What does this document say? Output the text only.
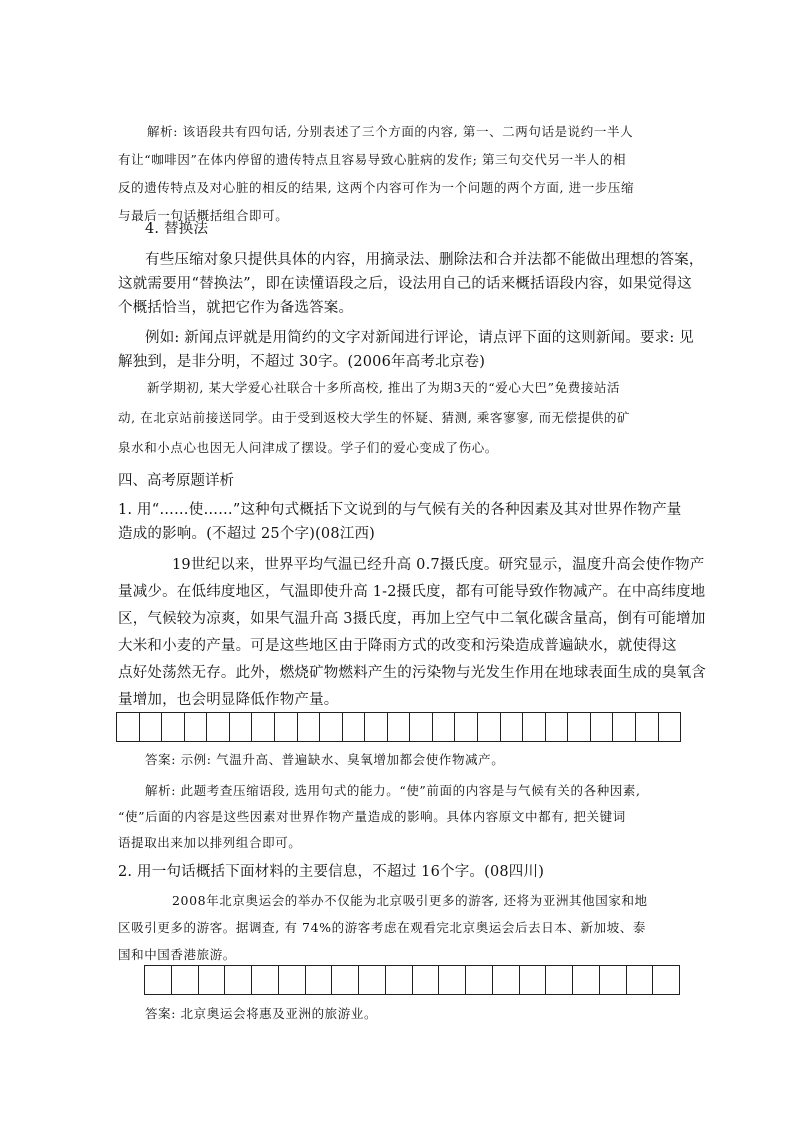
解析: 该语段共有四句话, 分别表述了三个方面的内容, 第一、二两句话是说约一半人

有让“咖啡因”在体内停留的遗传特点且容易导致心脏病的发作; 第三句交代另一半人的相

反的遗传特点及对心脏的相反的结果, 这两个内容可作为一个问题的两个方面, 进一步压缩

与最后一句话概括组合即可。

4. 替换法

有些压缩对象只提供具体的内容，用摘录法、删除法和合并法都不能做出理想的答案，

这就需要用“替换法”，即在读懂语段之后，设法用自己的话来概括语段内容，如果觉得这

个概括恰当，就把它作为备选答案。

例如: 新闻点评就是用简约的文字对新闻进行评论，请点评下面的这则新闻。要求: 见

解独到，是非分明，不超过 30字。(2006年高考北京卷)

新学期初, 某大学爱心社联合十多所高校, 推出了为期3天的“爱心大巴”免费接站活

动, 在北京站前接送同学。由于受到返校大学生的怀疑、猜测, 乘客寥寥, 而无偿提供的矿

泉水和小点心也因无人问津成了摆设。学子们的爱心变成了伤心。

四、高考原题详析

1. 用“……使……”这种句式概括下文说到的与气候有关的各种因素及其对世界作物产量

造成的影响。(不超过 25个字)(08江西)

19世纪以来，世界平均气温已经升高 0.7摄氏度。研究显示，温度升高会使作物产

量减少。在低纬度地区，气温即使升高 1-2摄氏度，都有可能导致作物减产。在中高纬度地

区，气候较为凉爽，如果气温升高 3摄氏度，再加上空气中二氧化碳含量高，倒有可能增加

大米和小麦的产量。可是这些地区由于降雨方式的改变和污染造成普遍缺水，就使得这

点好处荡然无存。此外，燃烧矿物燃料产生的污染物与光发生作用在地球表面生成的臭氧含

量增加，也会明显降低作物产量。

答案: 示例: 气温升高、普遍缺水、臭氧增加都会使作物减产。

解析: 此题考查压缩语段, 选用句式的能力。“使”前面的内容是与气候有关的各种因素,

“使”后面的内容是这些因素对世界作物产量造成的影响。具体内容原文中都有, 把关键词

语提取出来加以排列组合即可。

2. 用一句话概括下面材料的主要信息，不超过 16个字。(08四川)

2008年北京奥运会的举办不仅能为北京吸引更多的游客, 还将为亚洲其他国家和地

区吸引更多的游客。据调查, 有 74%的游客考虑在观看完北京奥运会后去日本、新加坡、泰

国和中国香港旅游。

答案: 北京奥运会将惠及亚洲的旅游业。
